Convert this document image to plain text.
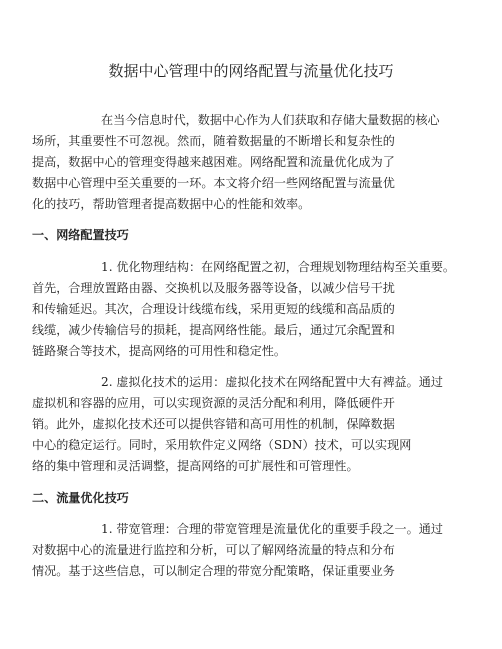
数据中心管理中的网络配置与流量优化技巧
在当今信息时代，数据中心作为人们获取和存储大量数据的核心
场所，其重要性不可忽视。然而，随着数据量的不断增长和复杂性的
提高，数据中心的管理变得越来越困难。网络配置和流量优化成为了
数据中心管理中至关重要的一环。本文将介绍一些网络配置与流量优
化的技巧，帮助管理者提高数据中心的性能和效率。
一、网络配置技巧
1. 优化物理结构：在网络配置之初，合理规划物理结构至关重要。
首先，合理放置路由器、交换机以及服务器等设备，以减少信号干扰
和传输延迟。其次，合理设计线缆布线，采用更短的线缆和高品质的
线缆，减少传输信号的损耗，提高网络性能。最后，通过冗余配置和
链路聚合等技术，提高网络的可用性和稳定性。
2. 虚拟化技术的运用：虚拟化技术在网络配置中大有裨益。通过
虚拟机和容器的应用，可以实现资源的灵活分配和利用，降低硬件开
销。此外，虚拟化技术还可以提供容错和高可用性的机制，保障数据
中心的稳定运行。同时，采用软件定义网络（SDN）技术，可以实现网
络的集中管理和灵活调整，提高网络的可扩展性和可管理性。
二、流量优化技巧
1. 带宽管理：合理的带宽管理是流量优化的重要手段之一。通过
对数据中心的流量进行监控和分析，可以了解网络流量的特点和分布
情况。基于这些信息，可以制定合理的带宽分配策略，保证重要业务
